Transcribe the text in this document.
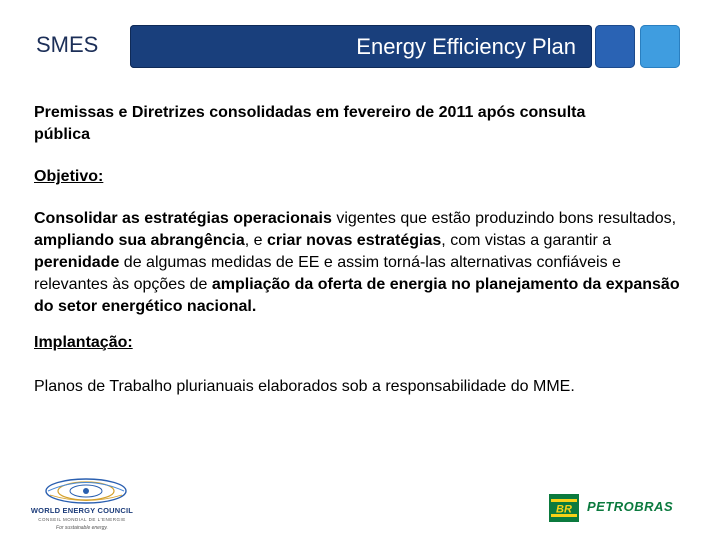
SMES	Energy Efficiency Plan

Premissas e Diretrizes consolidadas em fevereiro de 2011 após consulta
pública

Objetivo:

Consolidar as estratégias operacionais vigentes que estão produzindo bons resultados, ampliando sua abrangência, e criar novas estratégias, com vistas a garantir a perenidade de algumas medidas de EE e assim torná-las alternativas confiáveis e relevantes às opções de ampliação da oferta de energia no planejamento da expansão do setor energético nacional.

Implantação:

Planos de Trabalho plurianuais elaborados sob a responsabilidade do MME.

WORLD ENERGY COUNCIL
CONSEIL MONDIAL DE L'ENERGIE
For sustainable energy.
BR PETROBRAS
